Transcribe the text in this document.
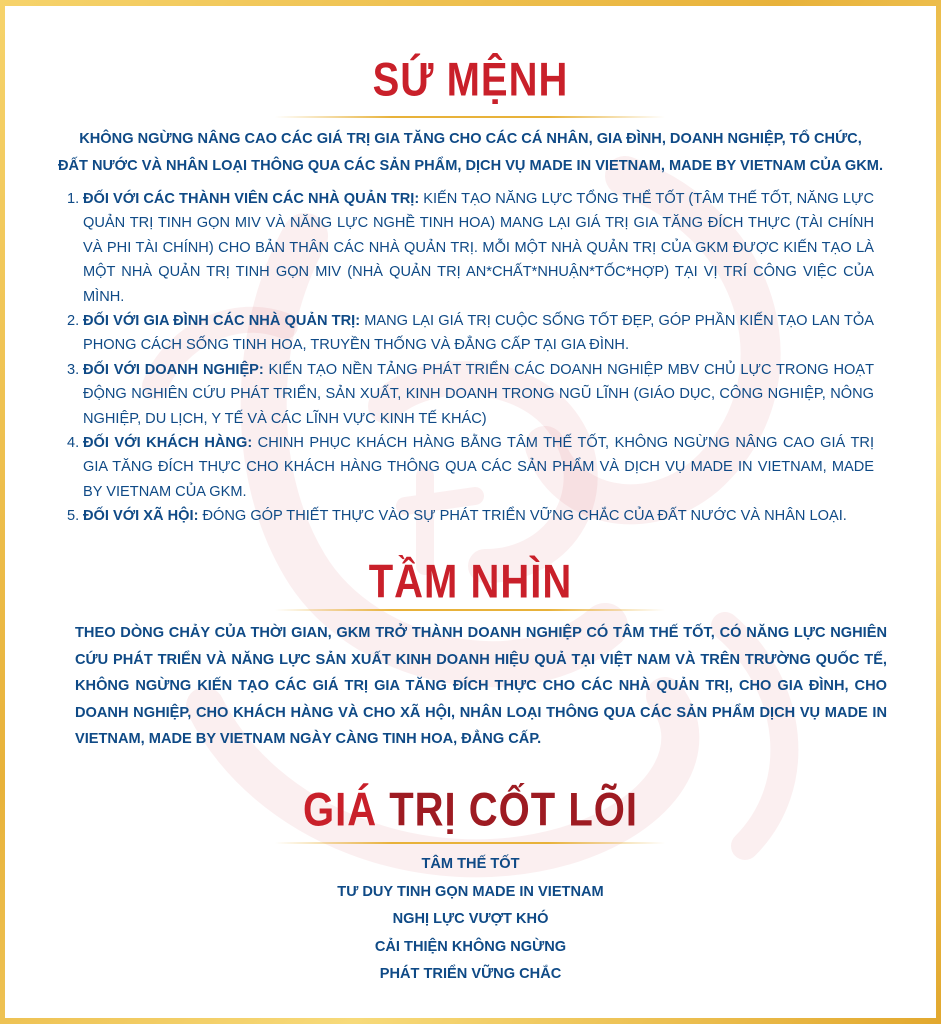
SỨ MỆNH
KHÔNG NGỪNG NÂNG CAO CÁC GIÁ TRỊ GIA TĂNG CHO CÁC CÁ NHÂN, GIA ĐÌNH, DOANH NGHIỆP, TỔ CHỨC,
ĐẤT NƯỚC VÀ NHÂN LOẠI THÔNG QUA CÁC SẢN PHẨM, DỊCH VỤ MADE IN VIETNAM, MADE BY VIETNAM CỦA GKM.
1. ĐỐI VỚI CÁC THÀNH VIÊN CÁC NHÀ QUẢN TRỊ: KIẾN TẠO NĂNG LỰC TỔNG THỂ TỐT (TÂM THẾ TỐT, NĂNG LỰC QUẢN TRỊ TINH GỌN MIV VÀ NĂNG LỰC NGHỀ TINH HOA) MANG LẠI GIÁ TRỊ GIA TĂNG ĐÍCH THỰC (TÀI CHÍNH VÀ PHI TÀI CHÍNH) CHO BẢN THÂN CÁC NHÀ QUẢN TRỊ. MỖI MỘT NHÀ QUẢN TRỊ CỦA GKM ĐƯỢC KIẾN TẠO LÀ MỘT NHÀ QUẢN TRỊ TINH GỌN MIV (NHÀ QUẢN TRỊ AN*CHẤT*NHUẬN*TỐC*HỢP) TẠI VỊ TRÍ CÔNG VIỆC CỦA MÌNH.
2. ĐỐI VỚI GIA ĐÌNH CÁC NHÀ QUẢN TRỊ: MANG LẠI GIÁ TRỊ CUỘC SỐNG TỐT ĐẸP, GÓP PHẦN KIẾN TẠO LAN TỎA PHONG CÁCH SỐNG TINH HOA, TRUYỀN THỐNG VÀ ĐẲNG CẤP TẠI GIA ĐÌNH.
3. ĐỐI VỚI DOANH NGHIỆP: KIẾN TẠO NỀN TẢNG PHÁT TRIỂN CÁC DOANH NGHIỆP MBV CHỦ LỰC TRONG HOẠT ĐỘNG NGHIÊN CỨU PHÁT TRIỂN, SẢN XUẤT, KINH DOANH TRONG NGŨ LĨNH (GIÁO DỤC, CÔNG NGHIỆP, NÔNG NGHIỆP, DU LỊCH, Y TẾ VÀ CÁC LĨNH VỰC KINH TẾ KHÁC)
4. ĐỐI VỚI KHÁCH HÀNG: CHINH PHỤC KHÁCH HÀNG BẰNG TÂM THẾ TỐT, KHÔNG NGỪNG NÂNG CAO GIÁ TRỊ GIA TĂNG ĐÍCH THỰC CHO KHÁCH HÀNG THÔNG QUA CÁC SẢN PHẨM VÀ DỊCH VỤ MADE IN VIETNAM, MADE BY VIETNAM CỦA GKM.
5. ĐỐI VỚI XÃ HỘI: ĐÓNG GÓP THIẾT THỰC VÀO SỰ PHÁT TRIỂN VỮNG CHẮC CỦA ĐẤT NƯỚC VÀ NHÂN LOẠI.
TẦM NHÌN
THEO DÒNG CHẢY CỦA THỜI GIAN, GKM TRỞ THÀNH DOANH NGHIỆP CÓ TÂM THẾ TỐT, CÓ NĂNG LỰC NGHIÊN CỨU PHÁT TRIỂN VÀ NĂNG LỰC SẢN XUẤT KINH DOANH HIỆU QUẢ TẠI VIỆT NAM VÀ TRÊN TRƯỜNG QUỐC TẾ, KHÔNG NGỪNG KIẾN TẠO CÁC GIÁ TRỊ GIA TĂNG ĐÍCH THỰC CHO CÁC NHÀ QUẢN TRỊ, CHO GIA ĐÌNH, CHO DOANH NGHIỆP, CHO KHÁCH HÀNG VÀ CHO XÃ HỘI, NHÂN LOẠI THÔNG QUA CÁC SẢN PHẨM DỊCH VỤ MADE IN VIETNAM, MADE BY VIETNAM NGÀY CÀNG TINH HOA, ĐẲNG CẤP.
GIÁ TRỊ CỐT LÕI
TÂM THẾ TỐT
TƯ DUY TINH GỌN MADE IN VIETNAM
NGHỊ LỰC VƯỢT KHÓ
CẢI THIỆN KHÔNG NGỪNG
PHÁT TRIỂN VỮNG CHẮC
